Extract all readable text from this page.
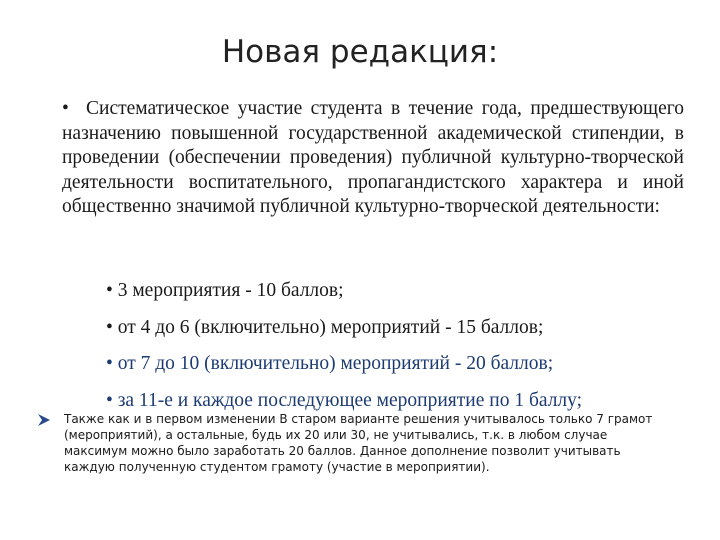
Новая редакция:

• Систематическое участие студента в течение года, предшествующего назначению повышенной государственной академической стипендии, в проведении (обеспечении проведения) публичной культурно-творческой деятельности воспитательного, пропагандистского характера и иной общественно значимой публичной культурно-творческой деятельности:

• 3 мероприятия - 10 баллов;
• от 4 до 6 (включительно) мероприятий - 15 баллов;
• от 7 до 10 (включительно) мероприятий - 20 баллов;
• за 11-е и каждое последующее мероприятие по 1 баллу;

Также как и в первом изменении В старом варианте решения учитывалось только 7 грамот (мероприятий), а остальные, будь их 20 или 30, не учитывались, т.к. в любом случае максимум можно было заработать 20 баллов. Данное дополнение позволит учитывать каждую полученную студентом грамоту (участие в мероприятии).
